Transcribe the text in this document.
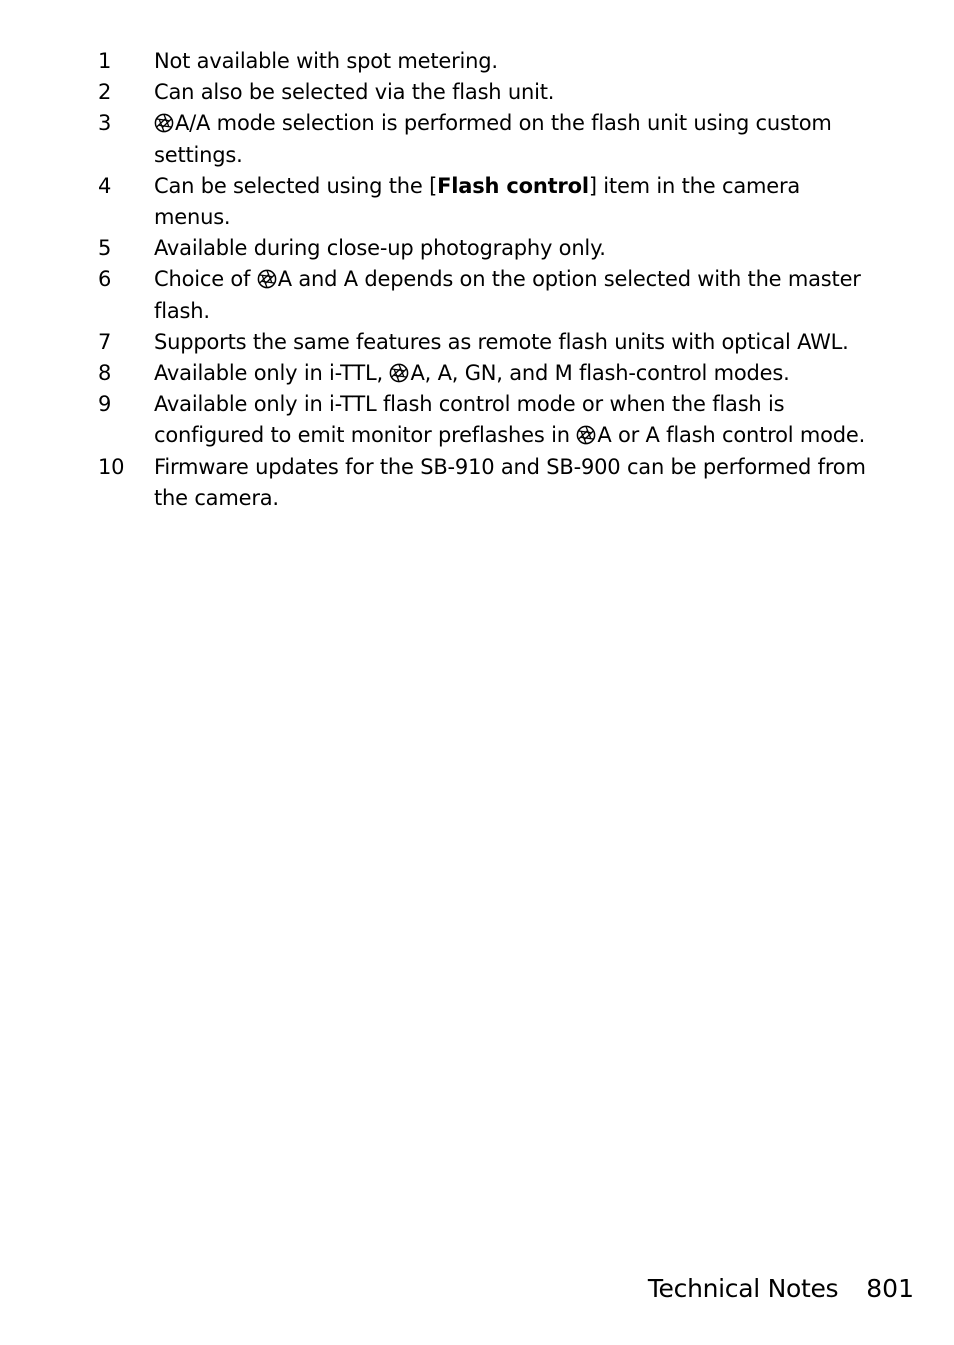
1	Not available with spot metering.
2	Can also be selected via the flash unit.
3	A/A mode selection is performed on the flash unit using custom settings.
4	Can be selected using the [Flash control] item in the camera menus.
5	Available during close-up photography only.
6	Choice of
A and A depends on the option selected with the master flash.
7	Supports the same features as remote flash units with optical AWL.
8	Available only in i-TTL,
A, A, GN, and M flash-control modes.
9	Available only in i-TTL flash control mode or when the flash is configured to emit monitor preflashes in
A or A flash control mode.
10	Firmware updates for the SB-910 and SB-900 can be performed from the camera.
Technical Notes 801
